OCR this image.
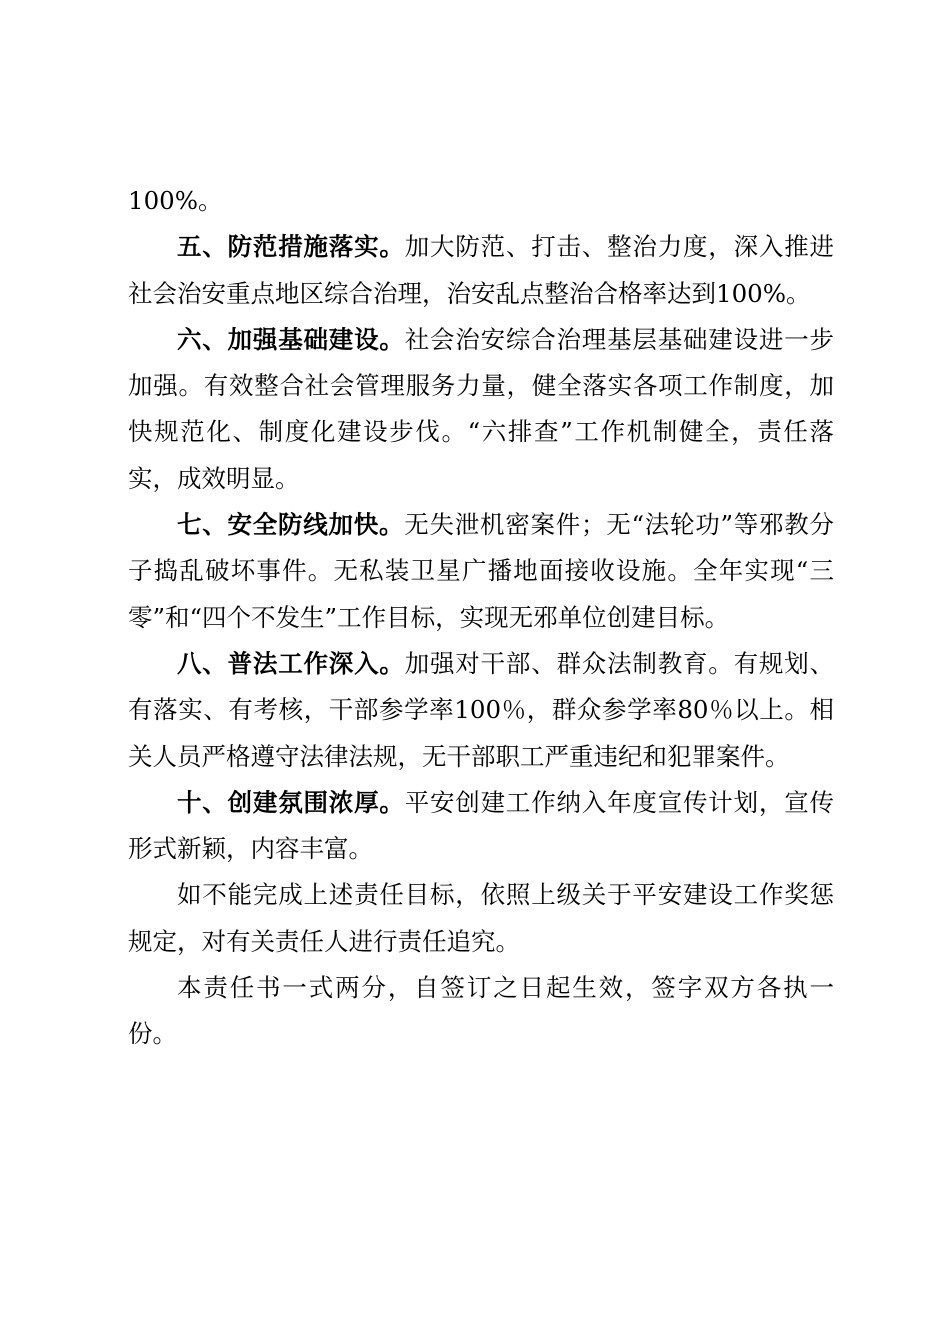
100%。

五、防范措施落实。加大防范、打击、整治力度，深入推进社会治安重点地区综合治理，治安乱点整治合格率达到100%。

六、加强基础建设。社会治安综合治理基层基础建设进一步加强。有效整合社会管理服务力量，健全落实各项工作制度，加快规范化、制度化建设步伐。“六排查”工作机制健全，责任落实，成效明显。

七、安全防线加快。无失泄机密案件；无“法轮功”等邪教分子捣乱破坏事件。无私装卫星广播地面接收设施。全年实现“三零”和“四个不发生”工作目标，实现无邪单位创建目标。

八、普法工作深入。加强对干部、群众法制教育。有规划、有落实、有考核，干部参学率100％，群众参学率80％以上。相关人员严格遵守法律法规，无干部职工严重违纪和犯罪案件。

十、创建氛围浓厚。平安创建工作纳入年度宣传计划，宣传形式新颖，内容丰富。

如不能完成上述责任目标，依照上级关于平安建设工作奖惩规定，对有关责任人进行责任追究。

本责任书一式两分，自签订之日起生效，签字双方各执一份。
